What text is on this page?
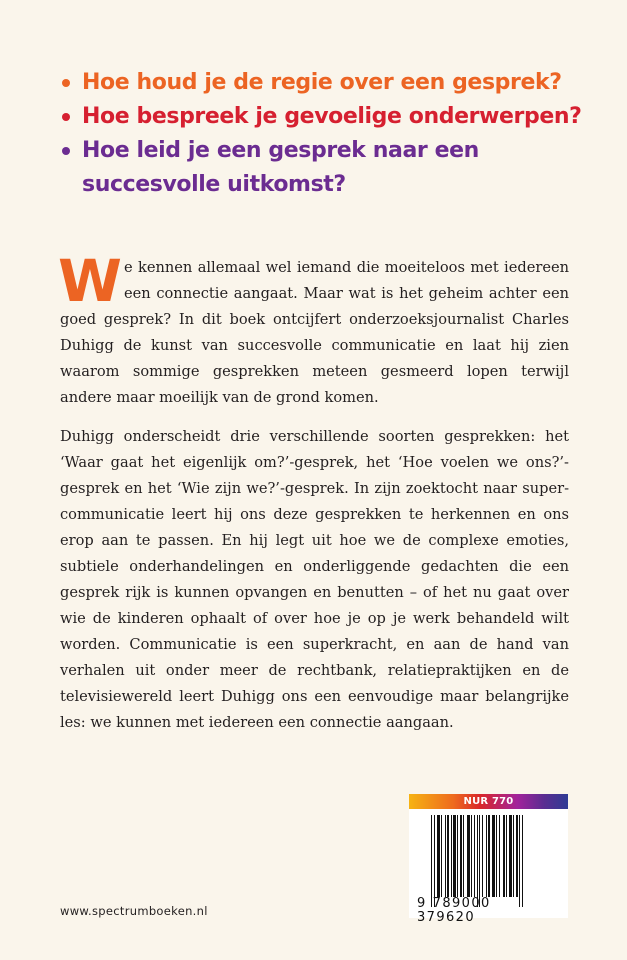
Hoe houd je de regie over een gesprek?
Hoe bespreek je gevoelige onderwerpen?
Hoe leid je een gesprek naar een succesvolle uitkomst?

We kennen allemaal wel iemand die moeiteloos met iedereen een connectie aangaat. Maar wat is het geheim achter een goed gesprek? In dit boek ontcijfert onderzoeksjournalist Charles Duhigg de kunst van succesvolle communicatie en laat hij zien waarom sommige gesprekken meteen gesmeerd lopen terwijl andere maar moeilijk van de grond komen.

Duhigg onderscheidt drie verschillende soorten gesprekken: het ‘Waar gaat het eigenlijk om?’-gesprek, het ‘Hoe voelen we ons?’-gesprek en het ‘Wie zijn we?’-gesprek. In zijn zoektocht naar supercommunicatie leert hij ons deze gesprekken te herkennen en ons erop aan te passen. En hij legt uit hoe we de complexe emoties, subtiele onderhandelingen en onderliggende gedachten die een gesprek rijk is kunnen opvangen en benutten – of het nu gaat over wie de kinderen ophaalt of over hoe je op je werk behandeld wilt worden. Communicatie is een superkracht, en aan de hand van verhalen uit onder meer de rechtbank, relatiepraktijken en de televisiewereld leert Duhigg ons een eenvoudige maar belangrijke les: we kunnen met iedereen een connectie aangaan.

NUR 770
9 789000 379620
www.spectrumboeken.nl
